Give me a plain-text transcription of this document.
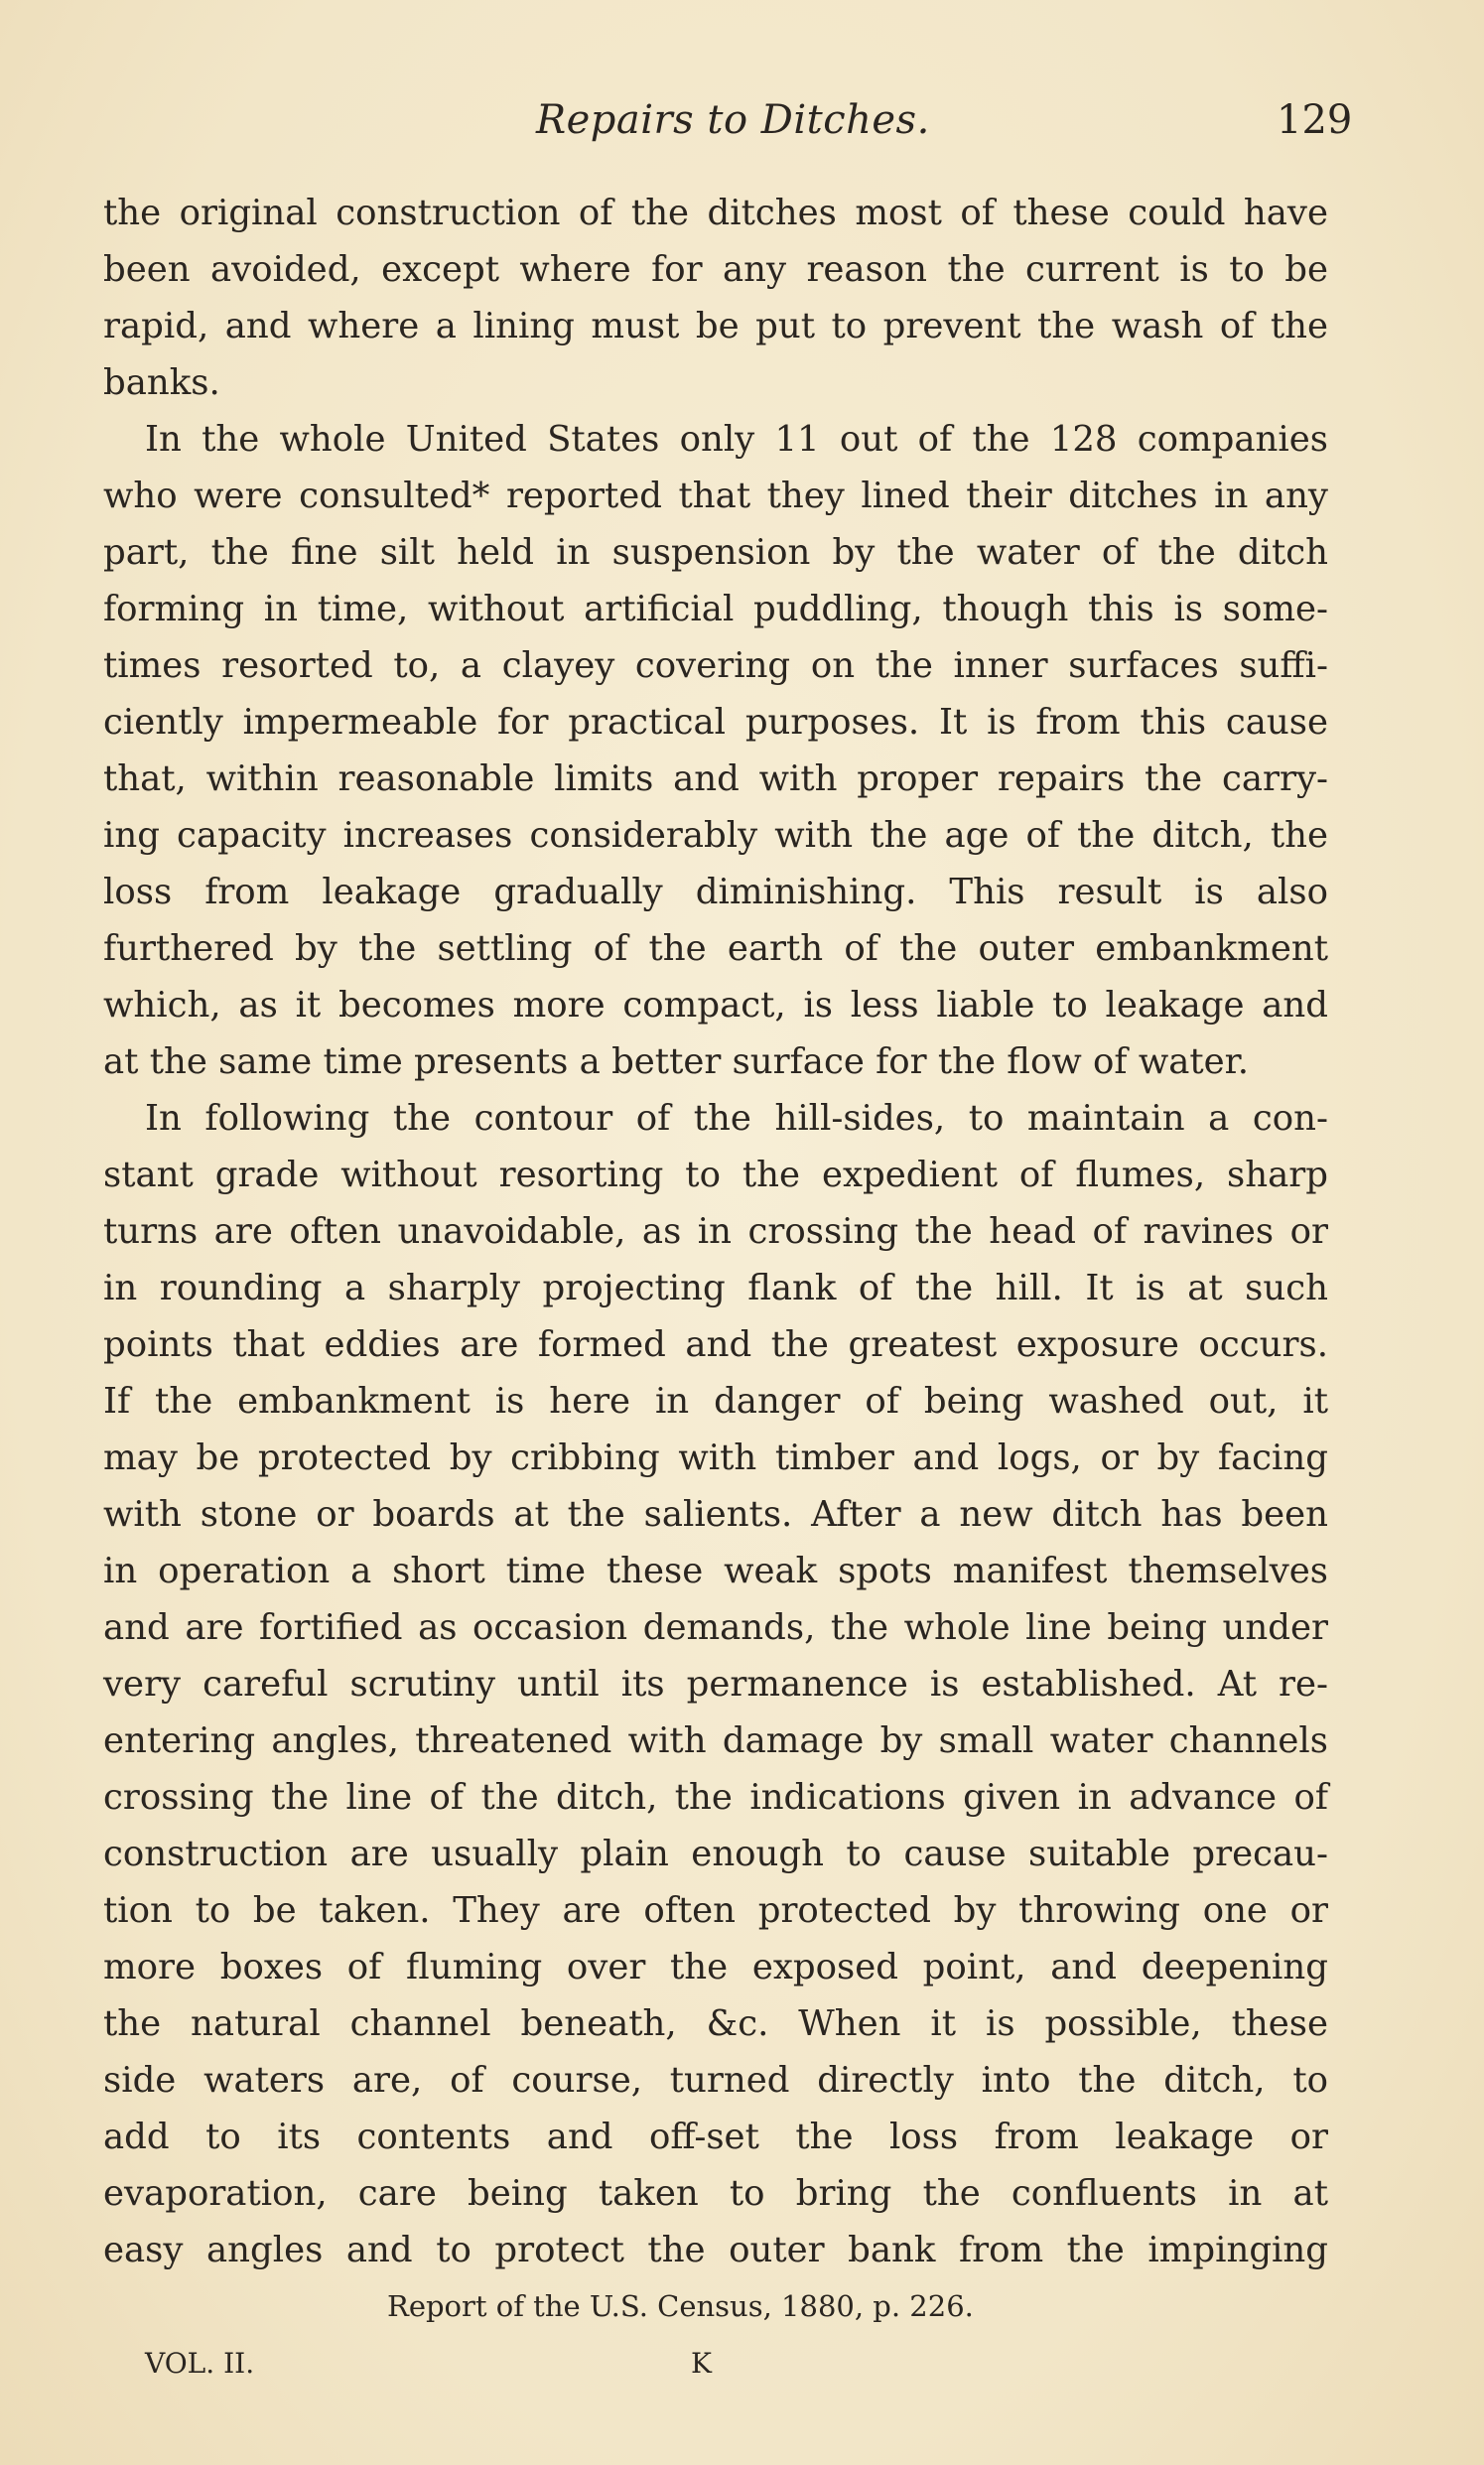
Repairs to Ditches.	129
the original construction of the ditches most of these could have
been avoided, except where for any reason the current is to be
rapid, and where a lining must be put to prevent the wash of the
banks.
In the whole United States only 11 out of the 128 companies
who were consulted* reported that they lined their ditches in any
part, the fine silt held in suspension by the water of the ditch
forming in time, without artificial puddling, though this is some-
times resorted to, a clayey covering on the inner surfaces suffi-
ciently impermeable for practical purposes. It is from this cause
that, within reasonable limits and with proper repairs the carry-
ing capacity increases considerably with the age of the ditch, the
loss from leakage gradually diminishing. This result is also
furthered by the settling of the earth of the outer embankment
which, as it becomes more compact, is less liable to leakage and
at the same time presents a better surface for the flow of water.
In following the contour of the hill-sides, to maintain a con-
stant grade without resorting to the expedient of flumes, sharp
turns are often unavoidable, as in crossing the head of ravines or
in rounding a sharply projecting flank of the hill. It is at such
points that eddies are formed and the greatest exposure occurs.
If the embankment is here in danger of being washed out, it
may be protected by cribbing with timber and logs, or by facing
with stone or boards at the salients. After a new ditch has been
in operation a short time these weak spots manifest themselves
and are fortified as occasion demands, the whole line being under
very careful scrutiny until its permanence is established. At re-
entering angles, threatened with damage by small water channels
crossing the line of the ditch, the indications given in advance of
construction are usually plain enough to cause suitable precau-
tion to be taken. They are often protected by throwing one or
more boxes of fluming over the exposed point, and deepening
the natural channel beneath, &c. When it is possible, these
side waters are, of course, turned directly into the ditch, to
add to its contents and off-set the loss from leakage or
evaporation, care being taken to bring the confluents in at
easy angles and to protect the outer bank from the impinging
Report of the U.S. Census, 1880, p. 226.
VOL. II.	K
